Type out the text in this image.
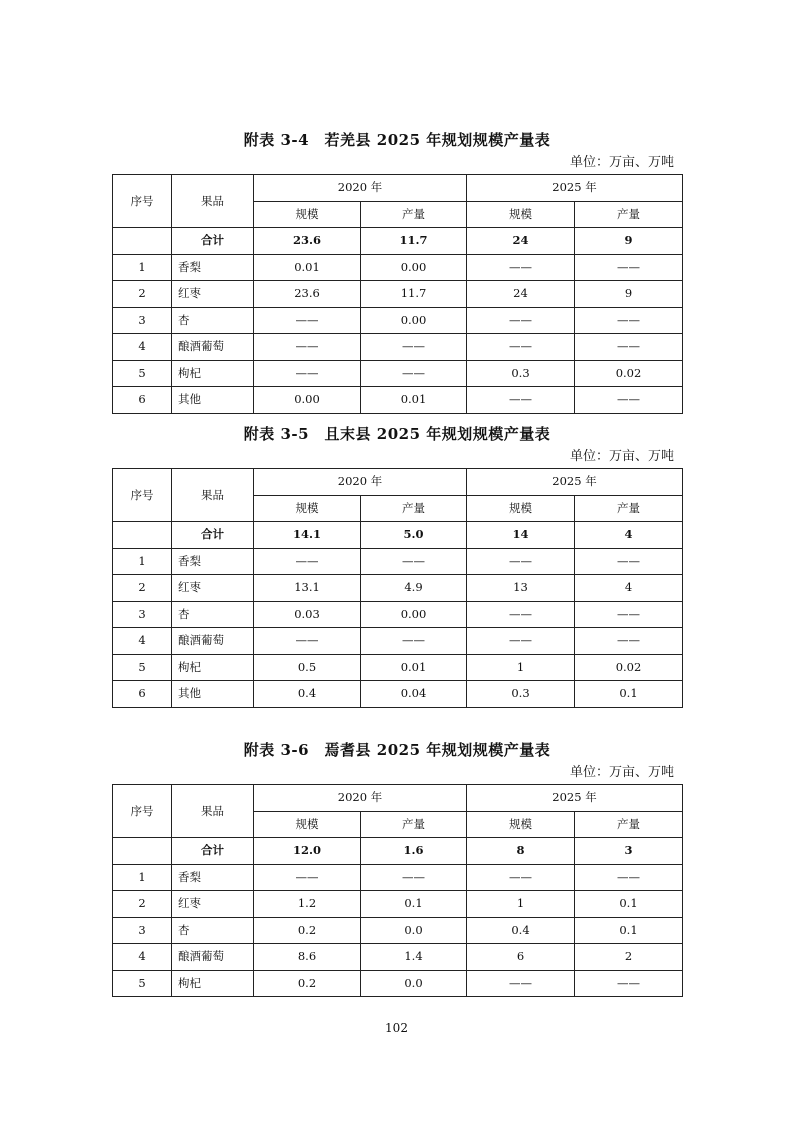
附表 3-4　若羌县 2025 年规划规模产量表
单位：万亩、万吨
序号	果品	2020 年		2025 年	
		规模	产量	规模	产量
	合计	23.6	11.7	24	9
1	香梨	0.01	0.00	——	——
2	红枣	23.6	11.7	24	9
3	杏	——	0.00	——	——
4	酿酒葡萄	——	——	——	——
5	枸杞	——	——	0.3	0.02
6	其他	0.00	0.01	——	——
附表 3-5　且末县 2025 年规划规模产量表
单位：万亩、万吨
序号	果品	2020 年		2025 年	
		规模	产量	规模	产量
	合计	14.1	5.0	14	4
1	香梨	——	——	——	——
2	红枣	13.1	4.9	13	4
3	杏	0.03	0.00	——	——
4	酿酒葡萄	——	——	——	——
5	枸杞	0.5	0.01	1	0.02
6	其他	0.4	0.04	0.3	0.1
附表 3-6　焉耆县 2025 年规划规模产量表
单位：万亩、万吨
序号	果品	2020 年		2025 年	
		规模	产量	规模	产量
	合计	12.0	1.6	8	3
1	香梨	——	——	——	——
2	红枣	1.2	0.1	1	0.1
3	杏	0.2	0.0	0.4	0.1
4	酿酒葡萄	8.6	1.4	6	2
5	枸杞	0.2	0.0	——	——
102
